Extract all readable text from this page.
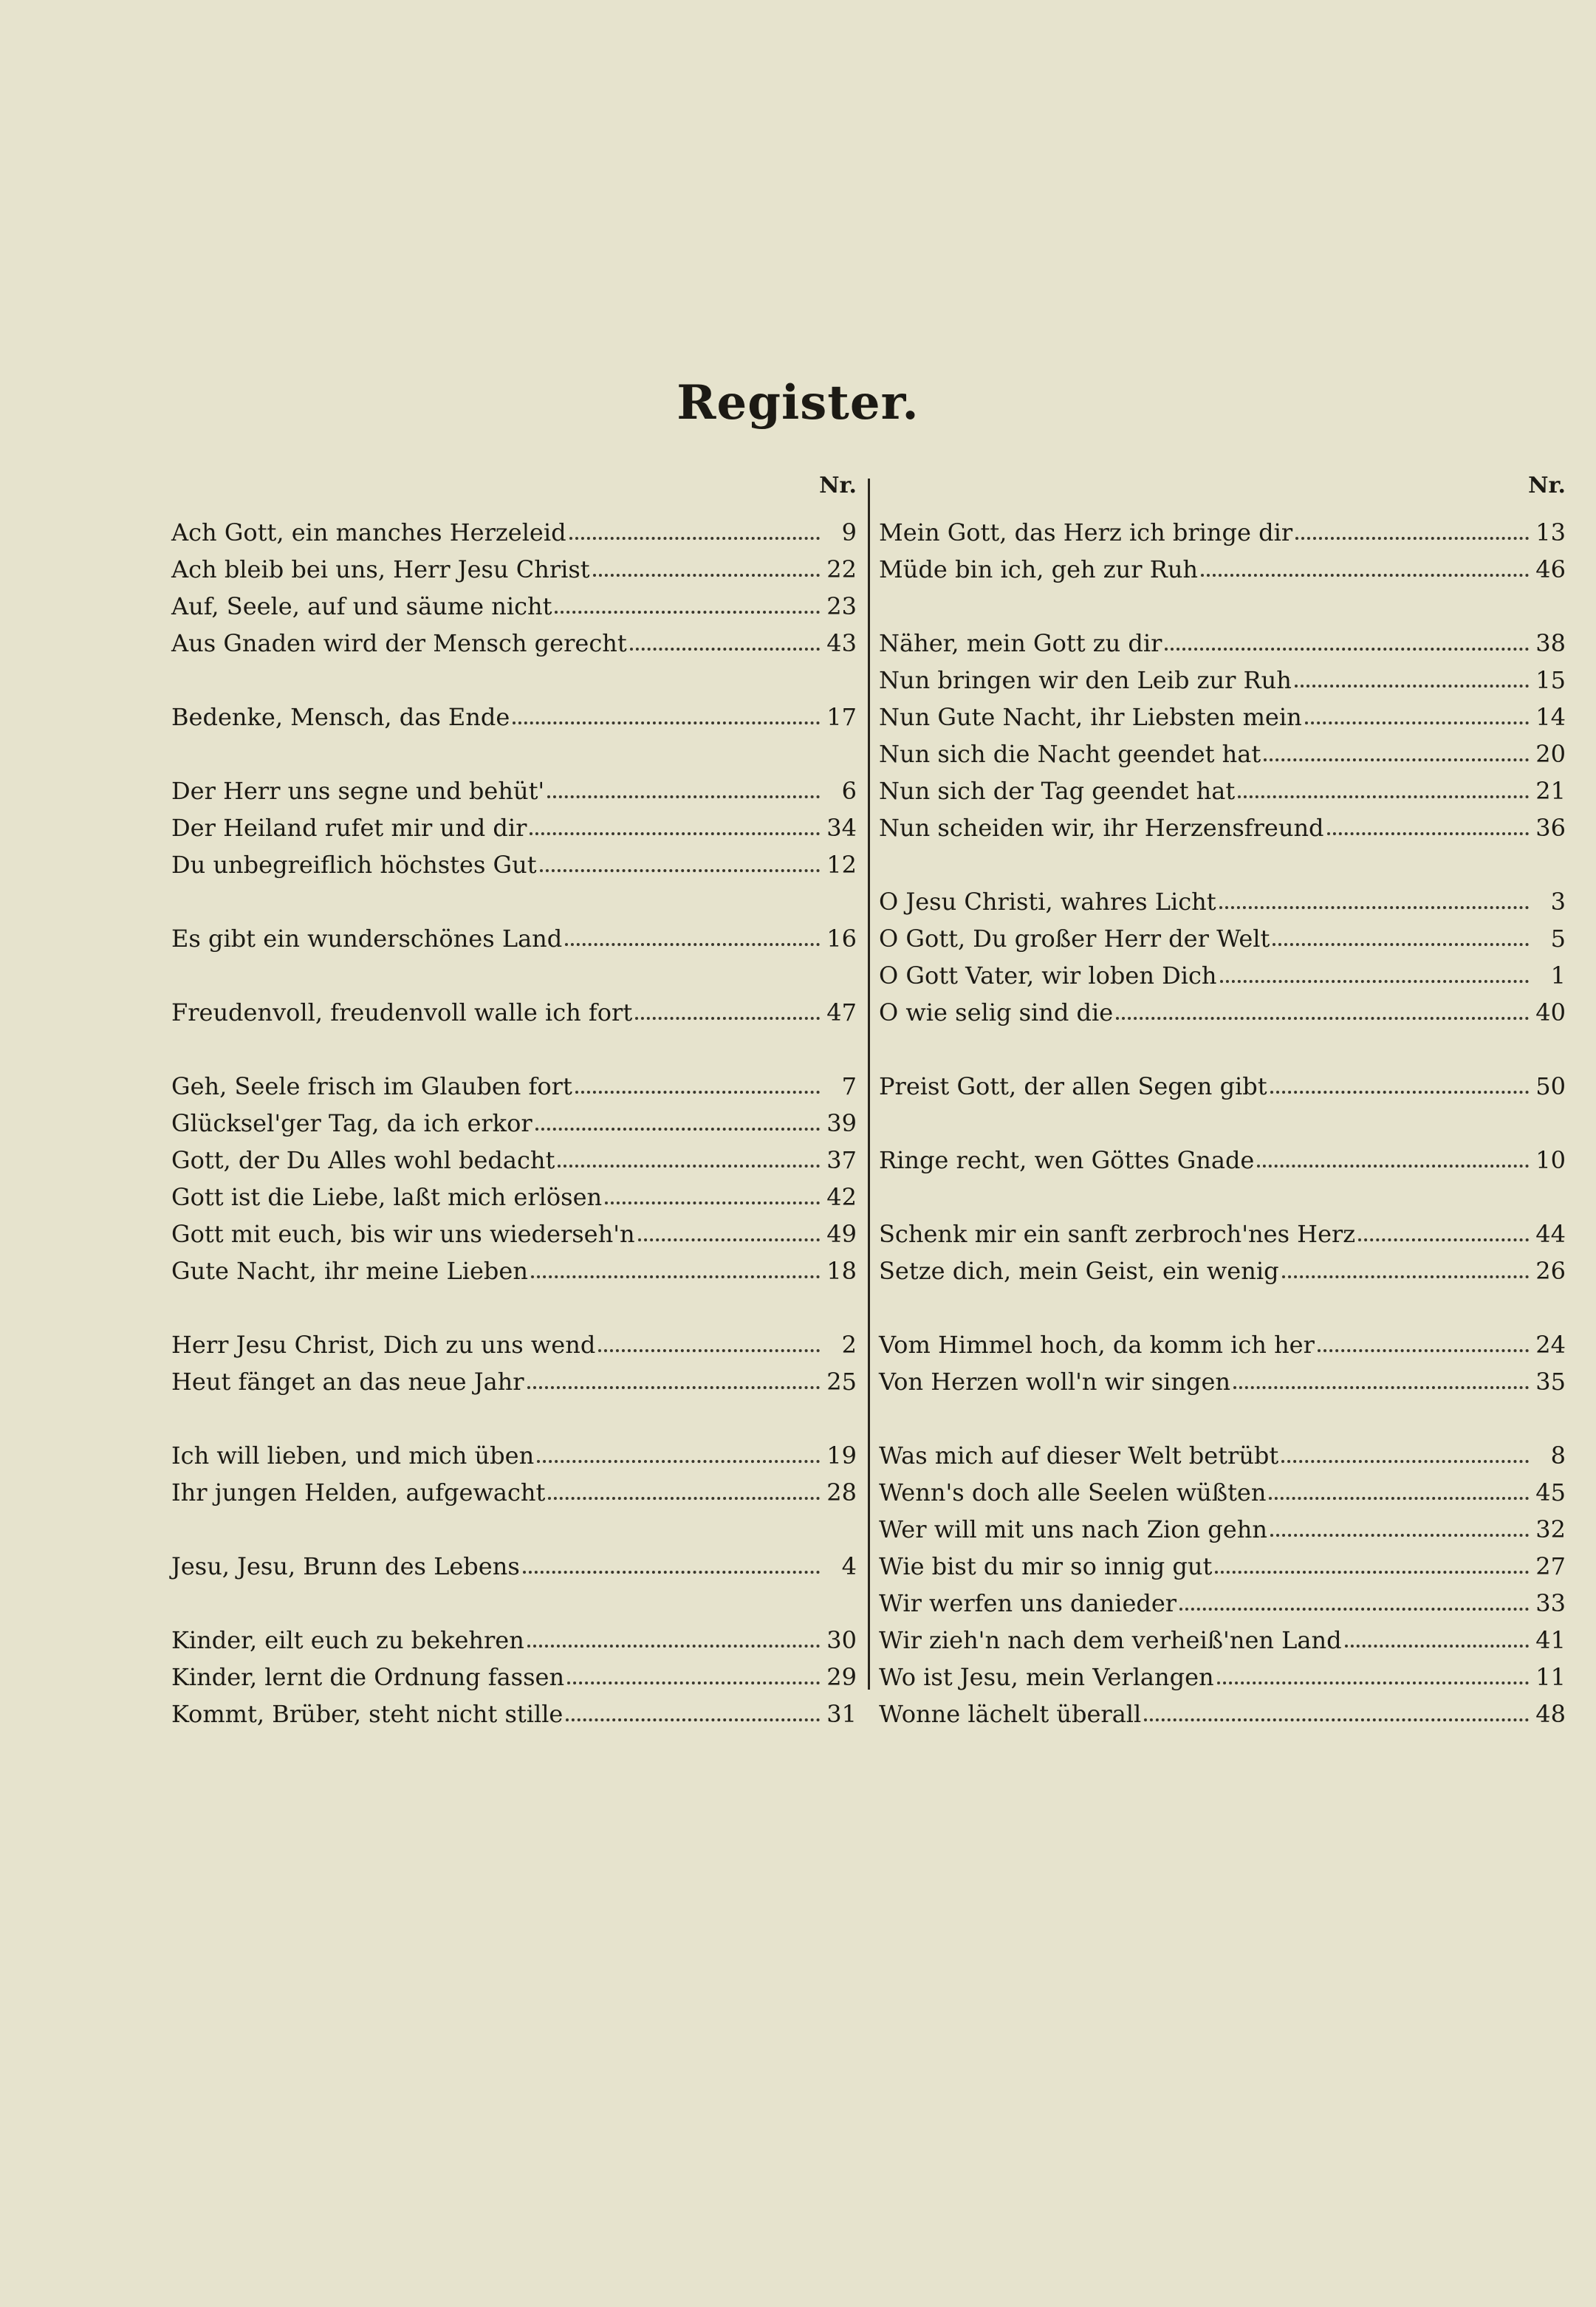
Register.
Nr.
Ach Gott, ein manches Herzeleid	9
Ach bleib bei uns, Herr Jesu Christ	22
Auf, Seele, auf und säume nicht	23
Aus Gnaden wird der Mensch gerecht	43
Bedenke, Mensch, das Ende	17
Der Herr uns segne und behüt'	6
Der Heiland rufet mir und dir	34
Du unbegreiflich höchstes Gut	12
Es gibt ein wunderschönes Land	16
Freudenvoll, freudenvoll walle ich fort	47
Geh, Seele frisch im Glauben fort	7
Glücksel'ger Tag, da ich erkor	39
Gott, der Du Alles wohl bedacht	37
Gott ist die Liebe, laßt mich erlösen	42
Gott mit euch, bis wir uns wiederseh'n	49
Gute Nacht, ihr meine Lieben	18
Herr Jesu Christ, Dich zu uns wend	2
Heut fänget an das neue Jahr	25
Ich will lieben, und mich üben	19
Ihr jungen Helden, aufgewacht	28
Jesu, Jesu, Brunn des Lebens	4
Kinder, eilt euch zu bekehren	30
Kinder, lernt die Ordnung fassen	29
Kommt, Brüber, steht nicht stille	31
Nr.
Mein Gott, das Herz ich bringe dir	13
Müde bin ich, geh zur Ruh	46
Näher, mein Gott zu dir	38
Nun bringen wir den Leib zur Ruh	15
Nun Gute Nacht, ihr Liebsten mein	14
Nun sich die Nacht geendet hat	20
Nun sich der Tag geendet hat	21
Nun scheiden wir, ihr Herzensfreund	36
O Jesu Christi, wahres Licht	3
O Gott, Du großer Herr der Welt	5
O Gott Vater, wir loben Dich	1
O wie selig sind die	40
Preist Gott, der allen Segen gibt	50
Ringe recht, wen Göttes Gnade	10
Schenk mir ein sanft zerbroch'nes Herz	44
Setze dich, mein Geist, ein wenig	26
Vom Himmel hoch, da komm ich her	24
Von Herzen woll'n wir singen	35
Was mich auf dieser Welt betrübt	8
Wenn's doch alle Seelen wüßten	45
Wer will mit uns nach Zion gehn	32
Wie bist du mir so innig gut	27
Wir werfen uns danieder	33
Wir zieh'n nach dem verheiß'nen Land	41
Wo ist Jesu, mein Verlangen	11
Wonne lächelt überall	48
